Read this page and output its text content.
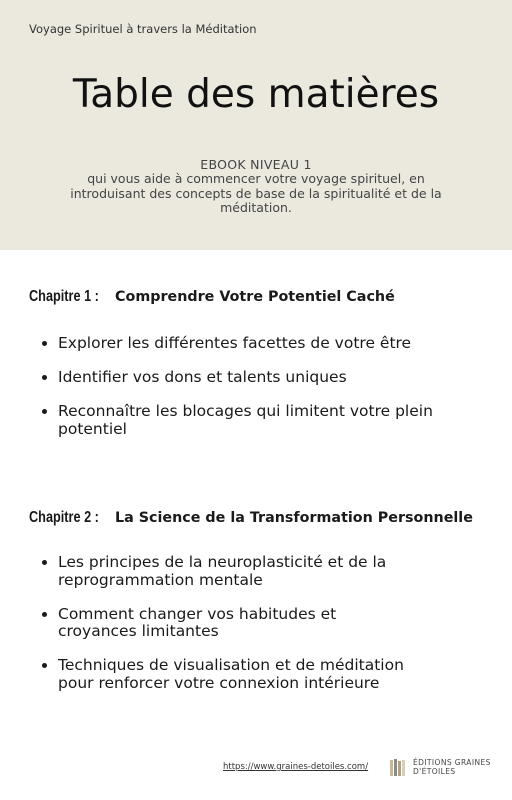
Voyage Spirituel à travers la Méditation
Table des matières
EBOOK NIVEAU 1
qui vous aide à commencer votre voyage spirituel, en introduisant des concepts de base de la spiritualité et de la méditation.
Chapitre 1 :	Comprendre Votre Potentiel Caché
• Explorer les différentes facettes de votre être
• Identifier vos dons et talents uniques
• Reconnaître les blocages qui limitent votre plein potentiel
Chapitre 2 :	La Science de la Transformation Personnelle
• Les principes de la neuroplasticité et de la reprogrammation mentale
• Comment changer vos habitudes et croyances limitantes
• Techniques de visualisation et de méditation pour renforcer votre connexion intérieure
https://www.graines-detoiles.com/	ÉDITIONS GRAINES
D'ÉTOILES
